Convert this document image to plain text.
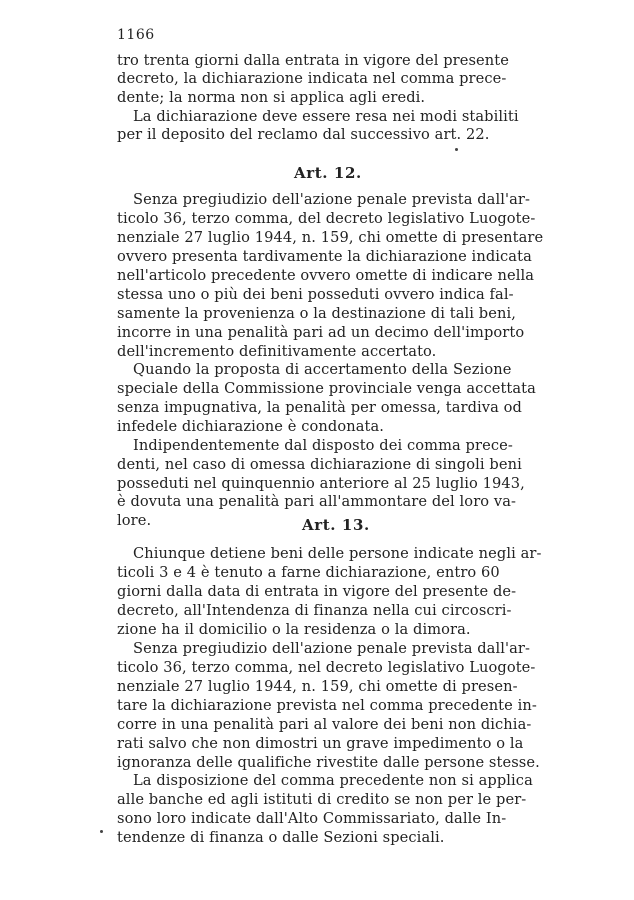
1166
tro trenta giorni dalla entrata in vigore del presente
decreto, la dichiarazione indicata nel comma prece-
dente; la norma non si applica agli eredi.
La dichiarazione deve essere resa nei modi stabiliti
per il deposito del reclamo dal successivo art. 22.
Art. 12.
Senza pregiudizio dell'azione penale prevista dall'ar-
ticolo 36, terzo comma, del decreto legislativo Luogote-
nenziale 27 luglio 1944, n. 159, chi omette di presentare
ovvero presenta tardivamente la dichiarazione indicata
nell'articolo precedente ovvero omette di indicare nella
stessa uno o più dei beni posseduti ovvero indica fal-
samente la provenienza o la destinazione di tali beni,
incorre in una penalità pari ad un decimo dell'importo
dell'incremento definitivamente accertato.
Quando la proposta di accertamento della Sezione
speciale della Commissione provinciale venga accettata
senza impugnativa, la penalità per omessa, tardiva od
infedele dichiarazione è condonata.
Indipendentemente dal disposto dei comma prece-
denti, nel caso di omessa dichiarazione di singoli beni
posseduti nel quinquennio anteriore al 25 luglio 1943,
è dovuta una penalità pari all'ammontare del loro va-
lore.	Art. 13.
Chiunque detiene beni delle persone indicate negli ar-
ticoli 3 e 4 è tenuto a farne dichiarazione, entro 60
giorni dalla data di entrata in vigore del presente de-
decreto, all'Intendenza di finanza nella cui circoscri-
zione ha il domicilio o la residenza o la dimora.
Senza pregiudizio dell'azione penale prevista dall'ar-
ticolo 36, terzo comma, nel decreto legislativo Luogote-
nenziale 27 luglio 1944, n. 159, chi omette di presen-
tare la dichiarazione prevista nel comma precedente in-
corre in una penalità pari al valore dei beni non dichia-
rati salvo che non dimostri un grave impedimento o la
ignoranza delle qualifiche rivestite dalle persone stesse.
La disposizione del comma precedente non si applica
alle banche ed agli istituti di credito se non per le per-
sono loro indicate dall'Alto Commissariato, dalle In-
tendenze di finanza o dalle Sezioni speciali.
